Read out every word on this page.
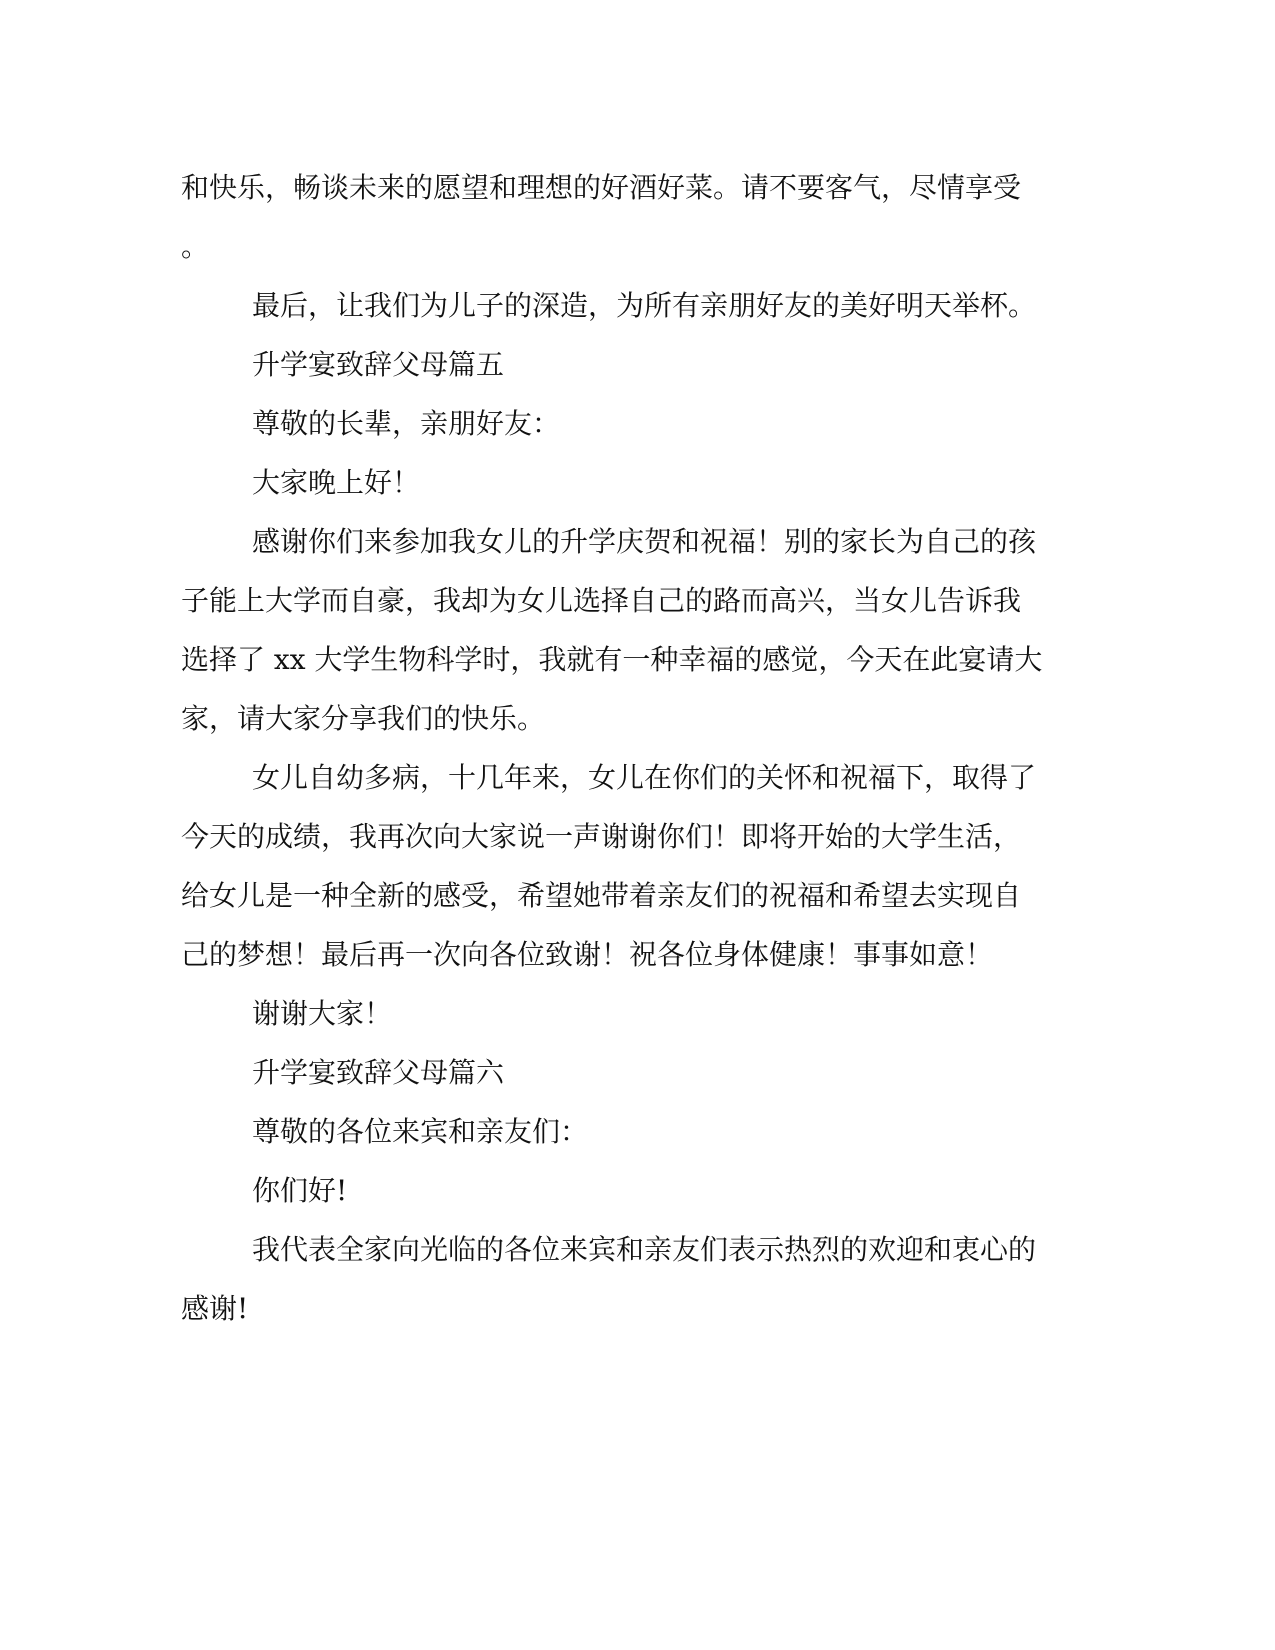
和快乐，畅谈未来的愿望和理想的好酒好菜。请不要客气，尽情享受
。
最后，让我们为儿子的深造，为所有亲朋好友的美好明天举杯。
升学宴致辞父母篇五
尊敬的长辈，亲朋好友：
大家晚上好！
感谢你们来参加我女儿的升学庆贺和祝福！别的家长为自己的孩
子能上大学而自豪，我却为女儿选择自己的路而高兴，当女儿告诉我
选择了 xx 大学生物科学时，我就有一种幸福的感觉，今天在此宴请大
家，请大家分享我们的快乐。
女儿自幼多病，十几年来，女儿在你们的关怀和祝福下，取得了
今天的成绩，我再次向大家说一声谢谢你们！即将开始的大学生活，
给女儿是一种全新的感受，希望她带着亲友们的祝福和希望去实现自
己的梦想！最后再一次向各位致谢！祝各位身体健康！事事如意！
谢谢大家！
升学宴致辞父母篇六
尊敬的各位来宾和亲友们：
你们好!
我代表全家向光临的各位来宾和亲友们表示热烈的欢迎和衷心的
感谢!
